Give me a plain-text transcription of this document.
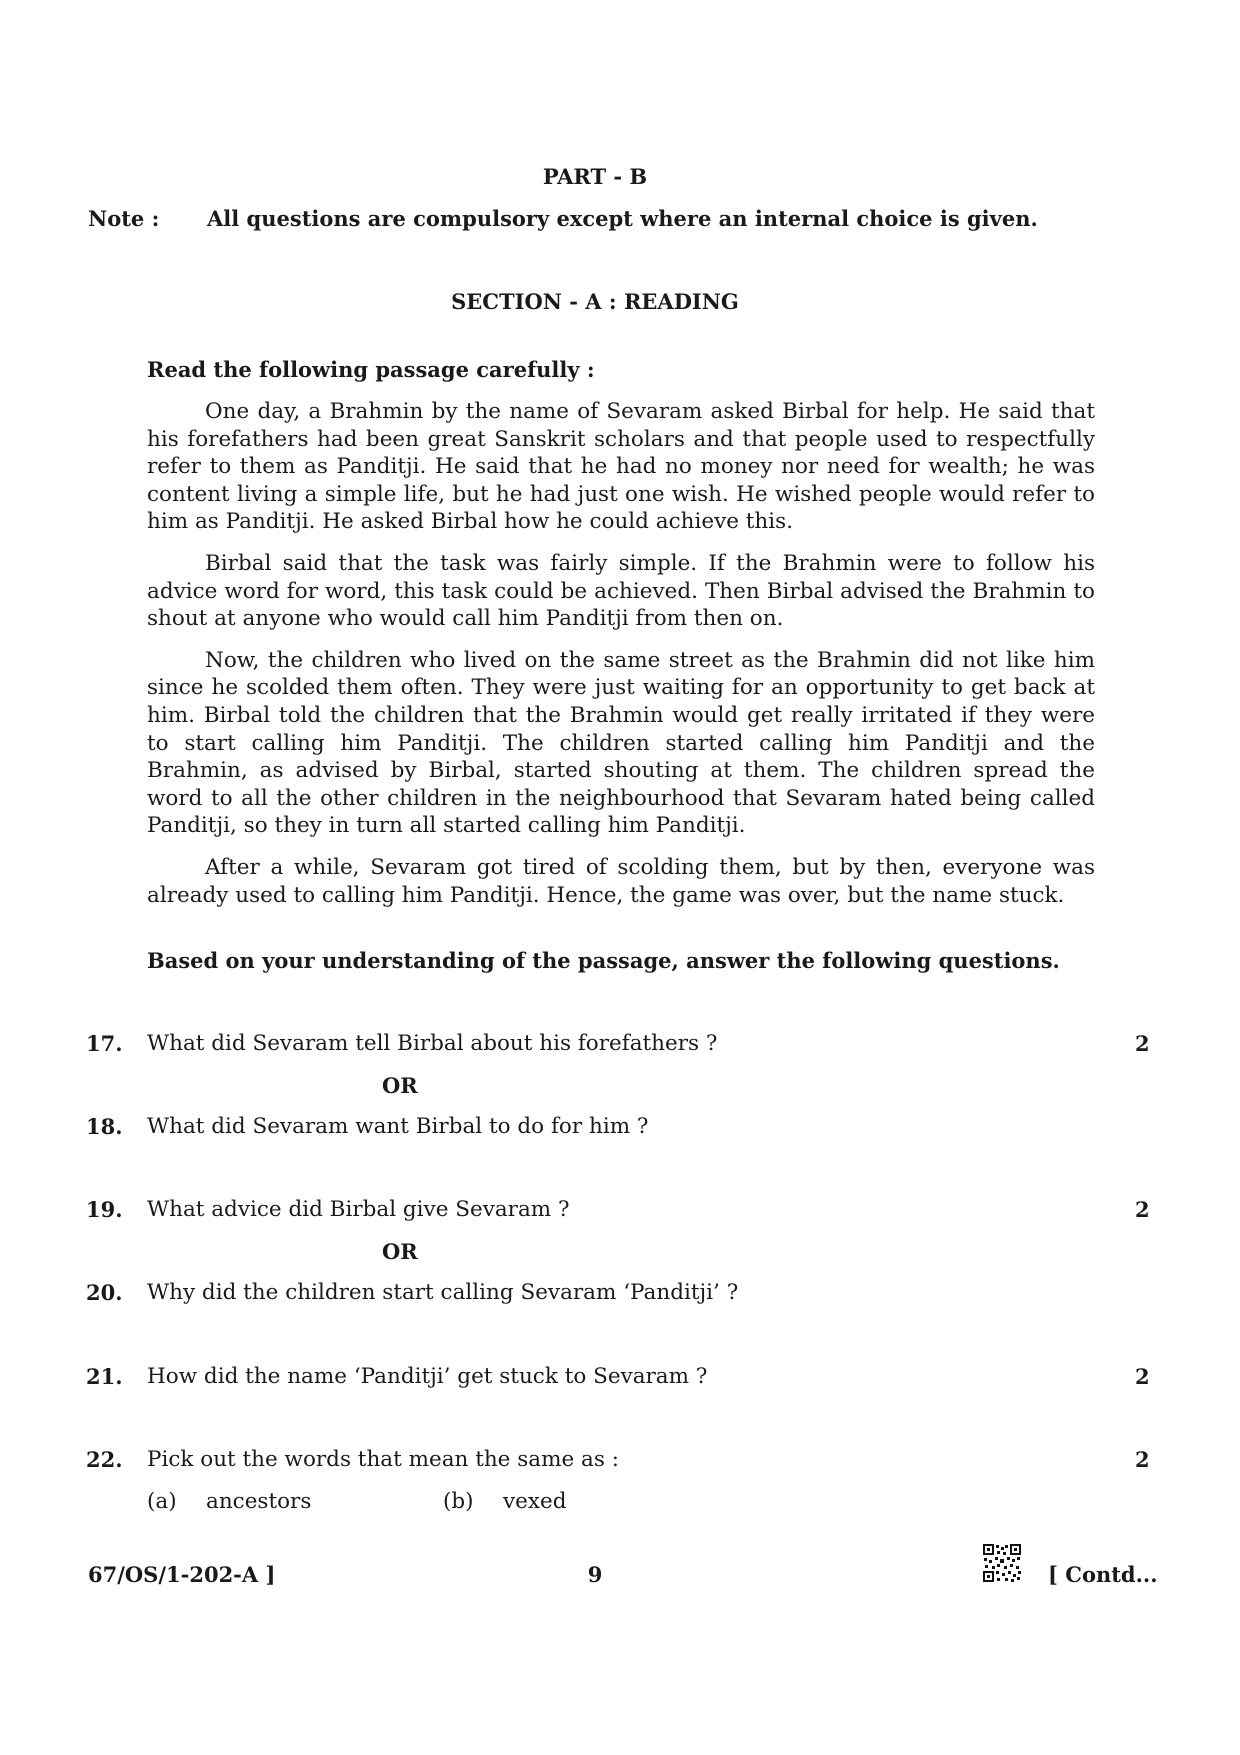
PART - B
Note : All questions are compulsory except where an internal choice is given.
SECTION - A : READING
Read the following passage carefully :

One day, a Brahmin by the name of Sevaram asked Birbal for help. He said that his forefathers had been great Sanskrit scholars and that people used to respectfully refer to them as Panditji. He said that he had no money nor need for wealth; he was content living a simple life, but he had just one wish. He wished people would refer to him as Panditji. He asked Birbal how he could achieve this.

Birbal said that the task was fairly simple. If the Brahmin were to follow his advice word for word, this task could be achieved. Then Birbal advised the Brahmin to shout at anyone who would call him Panditji from then on.

Now, the children who lived on the same street as the Brahmin did not like him since he scolded them often. They were just waiting for an opportunity to get back at him. Birbal told the children that the Brahmin would get really irritated if they were to start calling him Panditji. The children started calling him Panditji and the Brahmin, as advised by Birbal, started shouting at them. The children spread the word to all the other children in the neighbourhood that Sevaram hated being called Panditji, so they in turn all started calling him Panditji.

After a while, Sevaram got tired of scolding them, but by then, everyone was already used to calling him Panditji. Hence, the game was over, but the name stuck.

Based on your understanding of the passage, answer the following questions.
17. What did Sevaram tell Birbal about his forefathers ?	2
OR
18. What did Sevaram want Birbal to do for him ?
19. What advice did Birbal give Sevaram ?	2
OR
20. Why did the children start calling Sevaram ‘Panditji’ ?
21. How did the name ‘Panditji’ get stuck to Sevaram ?	2
22. Pick out the words that mean the same as :	2
(a) ancestors	(b) vexed
67/OS/1-202-A ]	9	[ Contd...
